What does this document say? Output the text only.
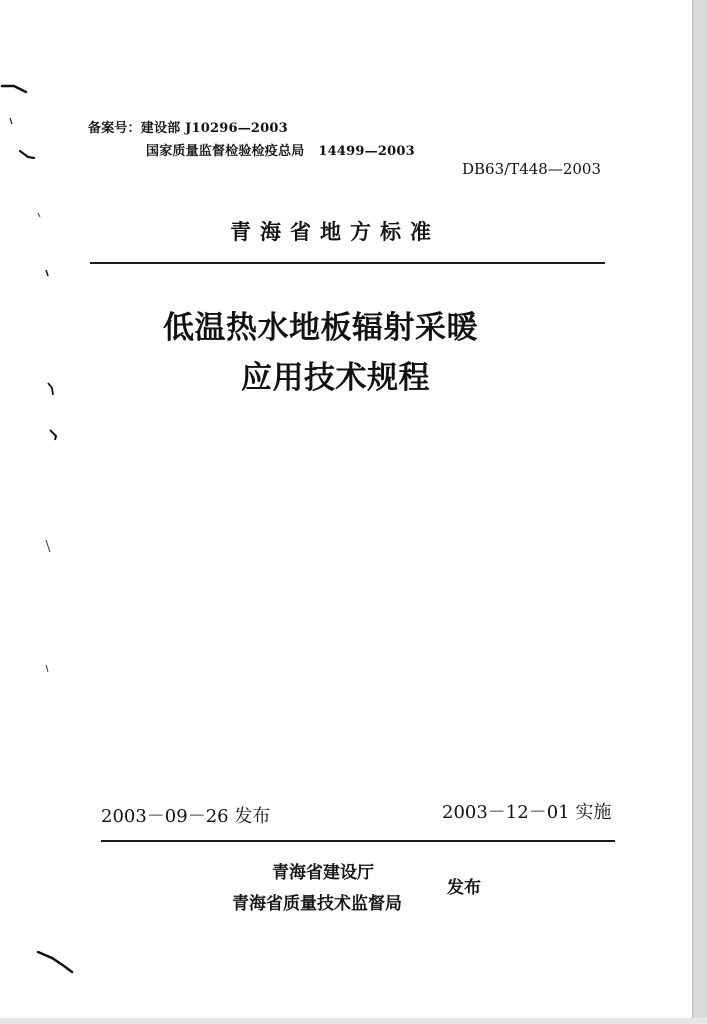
备案号：建设部 J10296—2003
国家质量监督检验检疫总局 14499—2003
DB63/T448—2003
青海省地方标准
低温热水地板辐射采暖
应用技术规程
2003－09－26 发布	2003－12－01 实施
青海省建设厅
青海省质量技术监督局
发布
